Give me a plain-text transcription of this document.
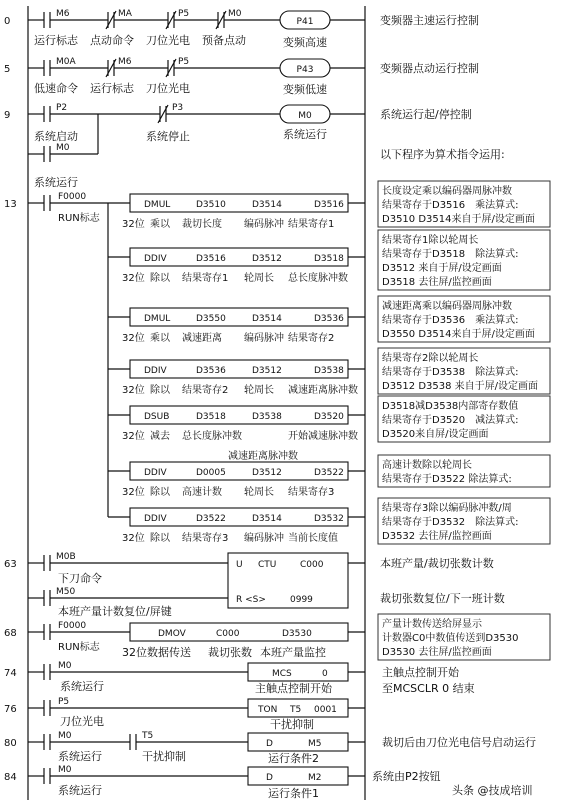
0
M6	MA	P5	M0
运行标志 点动命令 刀位光电 预备点动
P41
变频高速
变频器主速运行控制
5
M0A	M6	P5
低速命令 运行标志 刀位光电
P43
变频低速
变频器点动运行控制
9
P2	P3
系统启动	系统停止
M0
系统运行
M0
系统运行
系统运行起/停控制
以下程序为算术指令运用:
13
F0000
RUN标志
DMUL	D3510	D3514	D3516
32位 乘以 裁切长度 编码脉冲 结果寄存1
DDIV	D3516	D3512	D3518
32位 除以 结果寄存1 轮周长 总长度脉冲数
DMUL	D3550	D3514	D3536
32位 乘以 减速距离 编码脉冲 结果寄存2
DDIV	D3536	D3512	D3538
32位 除以 结果寄存2 轮周长 减速距离脉冲数
DSUB	D3518	D3538	D3520
32位 减去 总长度脉冲数	开始减速脉冲数
减速距离脉冲数
DDIV	D0005	D3512	D3522
32位 除以 高速计数 轮周长 结果寄存3
DDIV	D3522	D3514	D3532
32位 除以 结果寄存3 编码脉冲 当前长度值
长度设定乘以编码器周脉冲数
结果寄存于D3516　乘法算式:
D3510 D3514来自于屏/设定画面
结果寄存1除以轮周长
结果寄存于D3518　除法算式:
D3512 来自于屏/设定画面
D3518 去往屏/监控画面
减速距离乘以编码器周脉冲数
结果寄存于D3536　乘法算式:
D3550 D3514来自于屏/设定画面
结果寄存2除以轮周长
结果寄存于D3538　除法算式:
D3512 D3538 来自于屏/设定画面
D3518减D3538内部寄存数值
结果寄存于D3520　减法算式:
D3520来自屏/设定画面
高速计数除以轮周长
结果寄存于D3522 除法算式:
结果寄存3除以编码脉冲数/周
结果寄存于D3532　除法算式:
D3532 去往屏/监控画面
63
M0B
下刀命令
M50
本班产量计数复位/屏键
U CTU	C000
R <S>	0999
本班产量/裁切张数计数
裁切张数复位/下一班计数
68
F0000
RUN标志
DMOV	C000	D3530
32位数据传送 裁切张数 本班产量监控
产量计数传送给屏显示
计数器C0中数值传送到D3530
D3530 去往屏/监控画面
74
M0
系统运行
MCS	0
主触点控制开始
主触点控制开始
至MCSCLR 0 结束
76
P5
刀位光电
TON T5 0001
干扰抑制
80
M0
系统运行
T5
干扰抑制
D	M5
运行条件2
裁切后由刀位光电信号启动运行
84
M0
系统运行
D	M2
运行条件1
系统由P2按钮
头条 @技成培训
